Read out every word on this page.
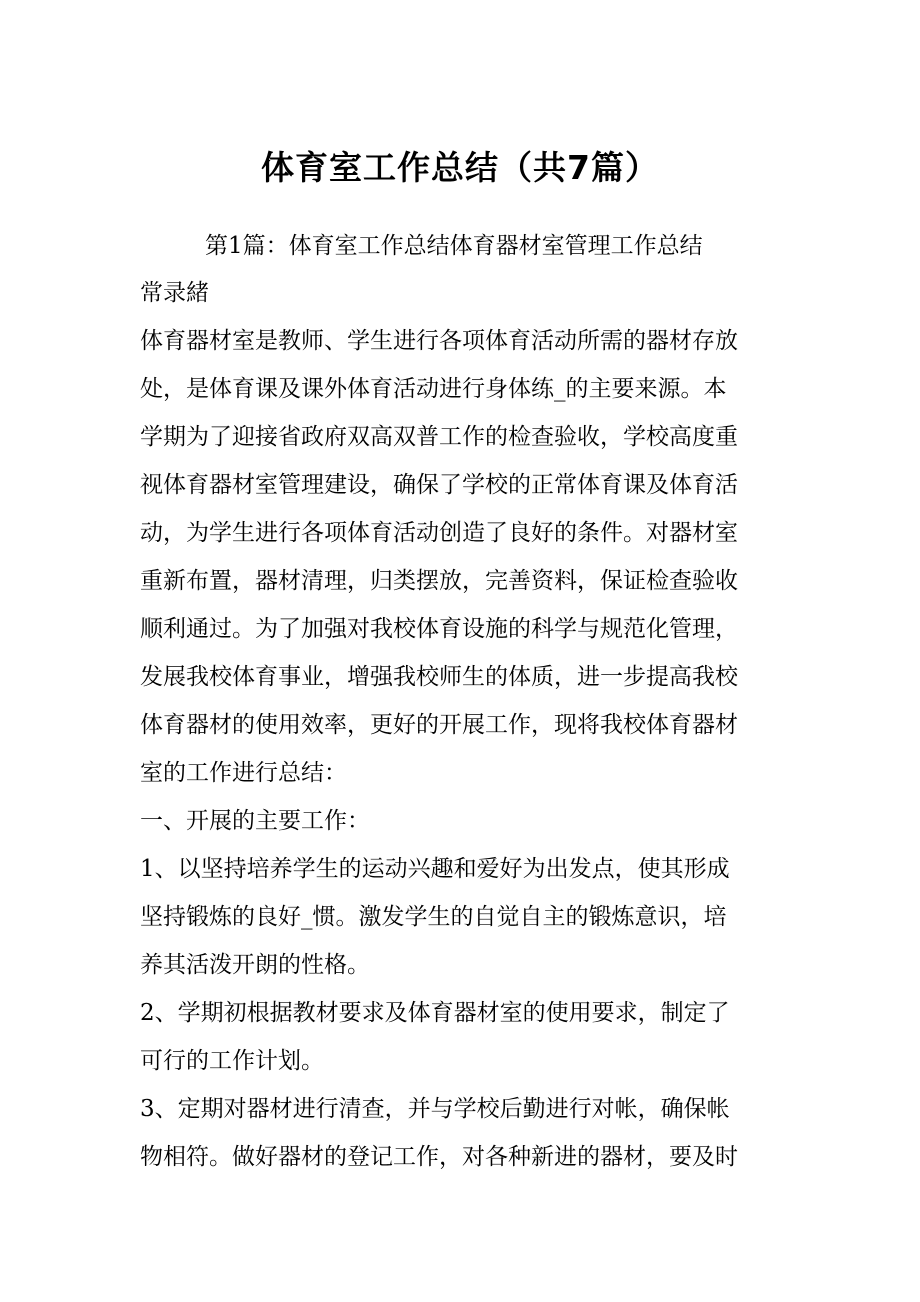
体育室工作总结（共7篇）

第1篇：体育室工作总结体育器材室管理工作总结

常录緒

体育器材室是教师、学生进行各项体育活动所需的器材存放
处，是体育课及课外体育活动进行身体练_的主要来源。本
学期为了迎接省政府双高双普工作的检查验收，学校高度重
视体育器材室管理建设，确保了学校的正常体育课及体育活
动，为学生进行各项体育活动创造了良好的条件。对器材室
重新布置，器材清理，归类摆放，完善资料，保证检查验收
顺利通过。为了加强对我校体育设施的科学与规范化管理，
发展我校体育事业，增强我校师生的体质，进一步提高我校
体育器材的使用效率，更好的开展工作，现将我校体育器材
室的工作进行总结：
一、开展的主要工作：
1、以坚持培养学生的运动兴趣和爱好为出发点，使其形成
坚持锻炼的良好_惯。激发学生的自觉自主的锻炼意识，培
养其活泼开朗的性格。
2、学期初根据教材要求及体育器材室的使用要求，制定了
可行的工作计划。
3、定期对器材进行清查，并与学校后勤进行对帐，确保帐
物相符。做好器材的登记工作，对各种新进的器材，要及时
